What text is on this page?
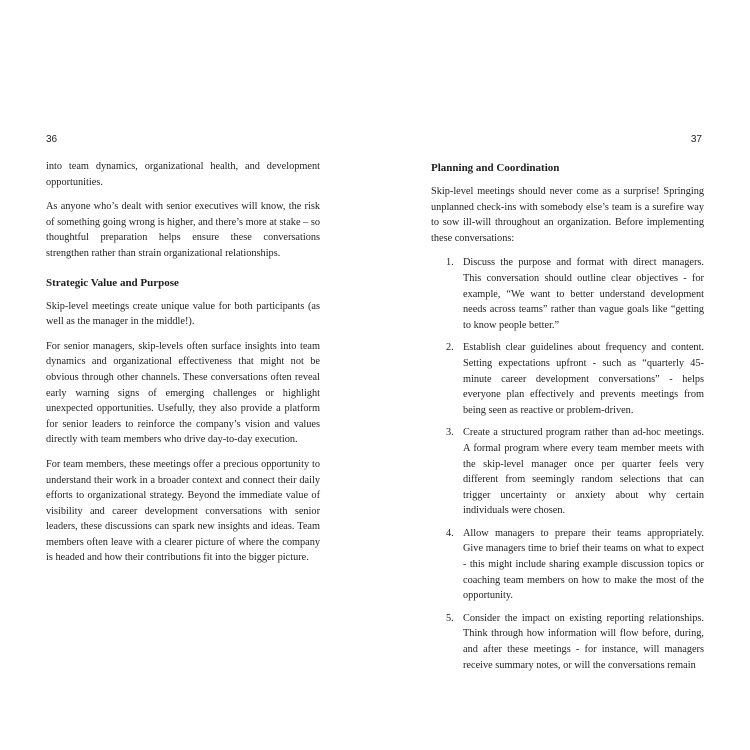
36

into team dynamics, organizational health, and development opportunities.

As anyone who’s dealt with senior executives will know, the risk of something going wrong is higher, and there’s more at stake – so thoughtful preparation helps ensure these conversations strengthen rather than strain organizational relationships.

Strategic Value and Purpose

Skip-level meetings create unique value for both participants (as well as the manager in the middle!).

For senior managers, skip-levels often surface insights into team dynamics and organizational effectiveness that might not be obvious through other channels. These conversations often reveal early warning signs of emerging challenges or highlight unexpected opportunities. Usefully, they also provide a platform for senior leaders to reinforce the company’s vision and values directly with team members who drive day-to-day execution.

For team members, these meetings offer a precious opportunity to understand their work in a broader context and connect their daily efforts to organizational strategy. Beyond the immediate value of visibility and career development conversations with senior leaders, these discussions can spark new insights and ideas. Team members often leave with a clearer picture of where the company is headed and how their contributions fit into the bigger picture.

37
Planning and Coordination

Skip-level meetings should never come as a surprise! Springing unplanned check-ins with somebody else’s team is a surefire way to sow ill-will throughout an organization. Before implementing these conversations:

1. Discuss the purpose and format with direct managers. This conversation should outline clear objectives - for example, “We want to better understand development needs across teams” rather than vague goals like “getting to know people better.”
2. Establish clear guidelines about frequency and content. Setting expectations upfront - such as “quarterly 45-minute career development conversations” - helps everyone plan effectively and prevents meetings from being seen as reactive or problem-driven.
3. Create a structured program rather than ad-hoc meetings. A formal program where every team member meets with the skip-level manager once per quarter feels very different from seemingly random selections that can trigger uncertainty or anxiety about why certain individuals were chosen.
4. Allow managers to prepare their teams appropriately. Give managers time to brief their teams on what to expect - this might include sharing example discussion topics or coaching team members on how to make the most of the opportunity.
5. Consider the impact on existing reporting relationships. Think through how information will flow before, during, and after these meetings - for instance, will managers receive summary notes, or will the conversations remain
